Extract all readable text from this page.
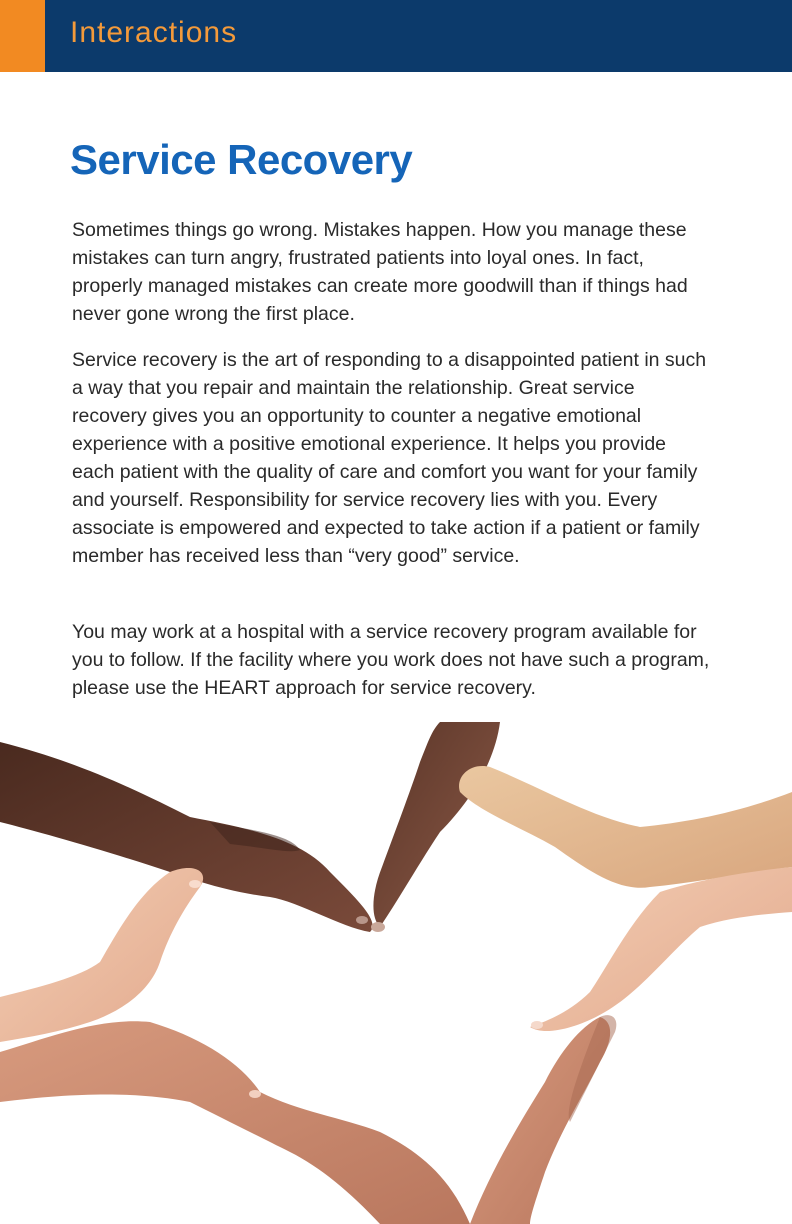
Interactions
Service Recovery

Sometimes things go wrong. Mistakes happen. How you manage these mistakes can turn angry, frustrated patients into loyal ones. In fact, properly managed mistakes can create more goodwill than if things had never gone wrong the first place.

Service recovery is the art of responding to a disappointed patient in such a way that you repair and maintain the relationship. Great service recovery gives you an opportunity to counter a negative emotional experience with a positive emotional experience. It helps you provide each patient with the quality of care and comfort you want for your family and yourself. Responsibility for service recovery lies with you. Every associate is empowered and expected to take action if a patient or family member has received less than “very good” service.

You may work at a hospital with a service recovery program available for you to follow. If the facility where you work does not have such a program, please use the HEART approach for service recovery.
